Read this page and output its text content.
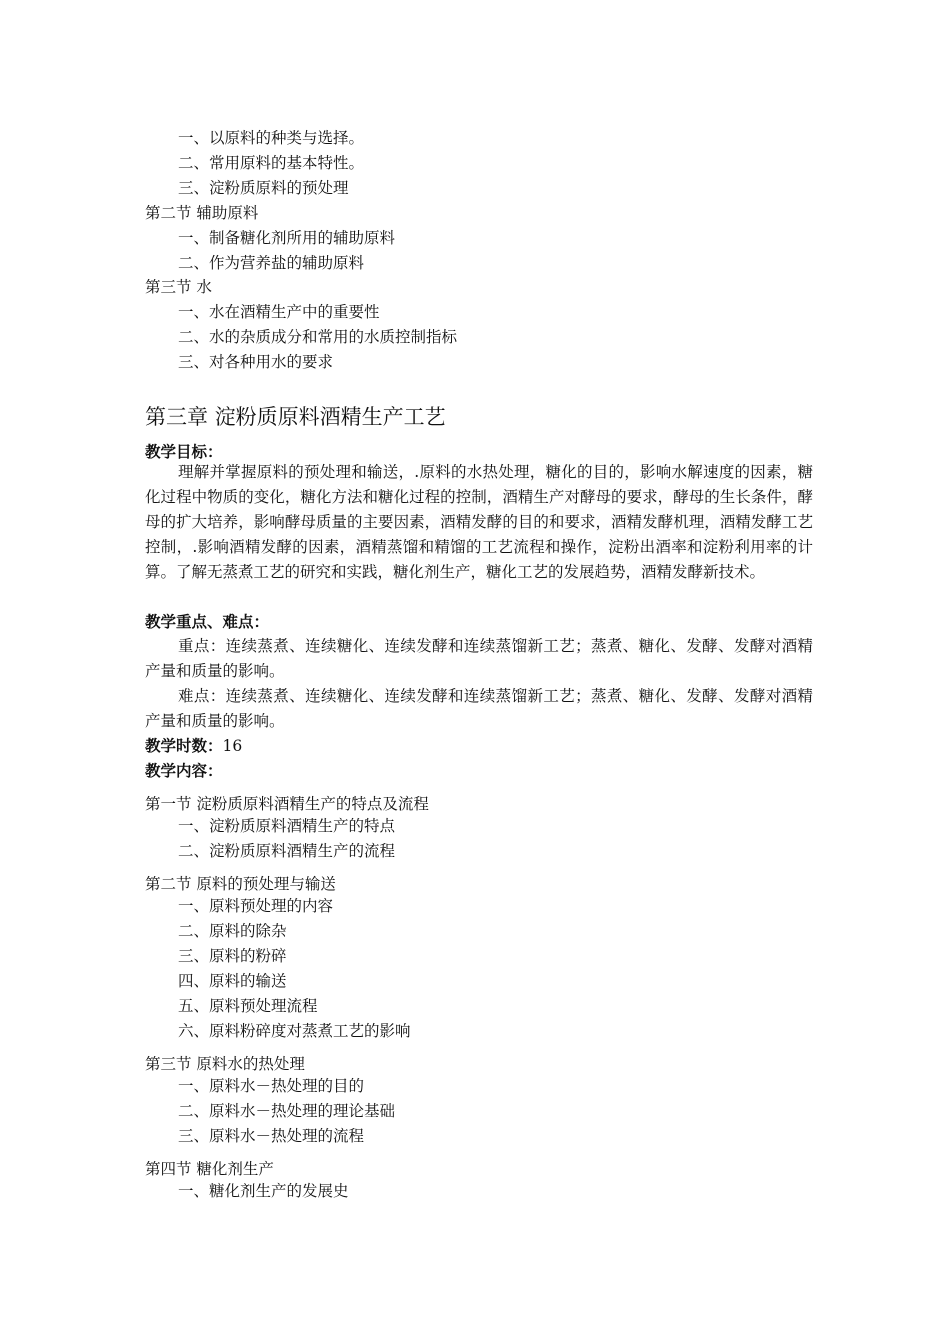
一、以原料的种类与选择。
二、常用原料的基本特性。
三、淀粉质原料的预处理
第二节 辅助原料
一、制备糖化剂所用的辅助原料
二、作为营养盐的辅助原料
第三节 水
一、水在酒精生产中的重要性
二、水的杂质成分和常用的水质控制指标
三、对各种用水的要求
第三章 淀粉质原料酒精生产工艺
教学目标：
理解并掌握原料的预处理和输送，.原料的水热处理，糖化的目的，影响水解速度的因素，糖化过程中物质的变化，糖化方法和糖化过程的控制，酒精生产对酵母的要求，酵母的生长条件，酵母的扩大培养，影响酵母质量的主要因素，酒精发酵的目的和要求，酒精发酵机理，酒精发酵工艺控制，.影响酒精发酵的因素，酒精蒸馏和精馏的工艺流程和操作，淀粉出酒率和淀粉利用率的计算。了解无蒸煮工艺的研究和实践，糖化剂生产，糖化工艺的发展趋势，酒精发酵新技术。
教学重点、难点：
重点：连续蒸煮、连续糖化、连续发酵和连续蒸馏新工艺；蒸煮、糖化、发酵、发酵对酒精产量和质量的影响。
难点：连续蒸煮、连续糖化、连续发酵和连续蒸馏新工艺；蒸煮、糖化、发酵、发酵对酒精产量和质量的影响。
教学时数：16
教学内容：
第一节 淀粉质原料酒精生产的特点及流程
一、淀粉质原料酒精生产的特点
二、淀粉质原料酒精生产的流程
第二节 原料的预处理与输送
一、原料预处理的内容
二、原料的除杂
三、原料的粉碎
四、原料的输送
五、原料预处理流程
六、原料粉碎度对蒸煮工艺的影响
第三节 原料水的热处理
一、原料水－热处理的目的
二、原料水－热处理的理论基础
三、原料水－热处理的流程
第四节 糖化剂生产
一、糖化剂生产的发展史
